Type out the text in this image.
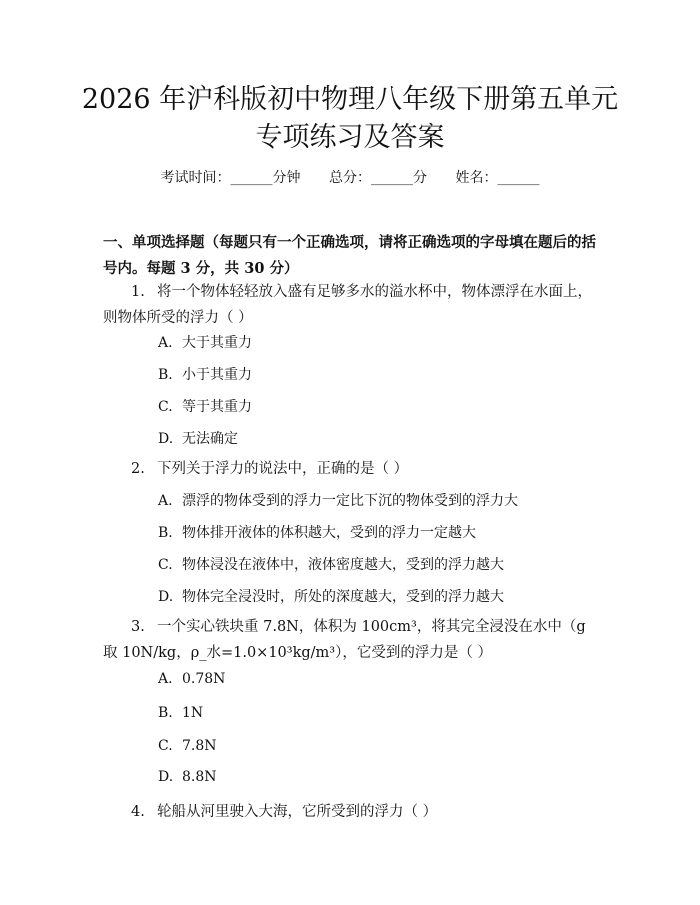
2026 年沪科版初中物理八年级下册第五单元
专项练习及答案
考试时间：______分钟 总分：______分 姓名：______

一、单项选择题（每题只有一个正确选项，请将正确选项的字母填在题后的括号内。每题 3 分，共 30 分）

1. 将一个物体轻轻放入盛有足够多水的溢水杯中，物体漂浮在水面上，则物体所受的浮力（ ）
A. 大于其重力
B. 小于其重力
C. 等于其重力
D. 无法确定
2. 下列关于浮力的说法中，正确的是（ ）
A. 漂浮的物体受到的浮力一定比下沉的物体受到的浮力大
B. 物体排开液体的体积越大，受到的浮力一定越大
C. 物体浸没在液体中，液体密度越大，受到的浮力越大
D. 物体完全浸没时，所处的深度越大，受到的浮力越大
3. 一个实心铁块重 7.8N，体积为 100cm³，将其完全浸没在水中（g 取 10N/kg，ρ_水=1.0×10³kg/m³），它受到的浮力是（ ）
A. 0.78N
B. 1N
C. 7.8N
D. 8.8N
4. 轮船从河里驶入大海，它所受到的浮力（ ）
